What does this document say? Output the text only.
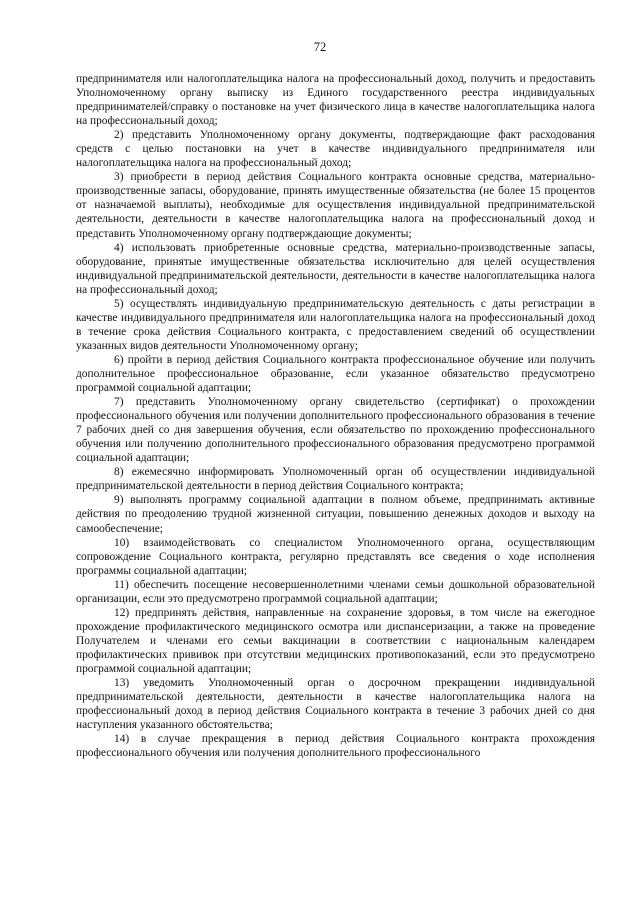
72

предпринимателя или налогоплательщика налога на профессиональный доход, получить и предоставить Уполномоченному органу выписку из Единого государственного реестра индивидуальных предпринимателей/справку о постановке на учет физического лица в качестве налогоплательщика налога на профессиональный доход;

2) представить Уполномоченному органу документы, подтверждающие факт расходования средств с целью постановки на учет в качестве индивидуального предпринимателя или налогоплательщика налога на профессиональный доход;

3) приобрести в период действия Социального контракта основные средства, материально-производственные запасы, оборудование, принять имущественные обязательства (не более 15 процентов от назначаемой выплаты), необходимые для осуществления индивидуальной предпринимательской деятельности, деятельности в качестве налогоплательщика налога на профессиональный доход и представить Уполномоченному органу подтверждающие документы;

4) использовать приобретенные основные средства, материально-производственные запасы, оборудование, принятые имущественные обязательства исключительно для целей осуществления индивидуальной предпринимательской деятельности, деятельности в качестве налогоплательщика налога на профессиональный доход;

5) осуществлять индивидуальную предпринимательскую деятельность с даты регистрации в качестве индивидуального предпринимателя или налогоплательщика налога на профессиональный доход в течение срока действия Социального контракта, с предоставлением сведений об осуществлении указанных видов деятельности Уполномоченному органу;

6) пройти в период действия Социального контракта профессиональное обучение или получить дополнительное профессиональное образование, если указанное обязательство предусмотрено программой социальной адаптации;

7) представить Уполномоченному органу свидетельство (сертификат) о прохождении профессионального обучения или получении дополнительного профессионального образования в течение 7 рабочих дней со дня завершения обучения, если обязательство по прохождению профессионального обучения или получению дополнительного профессионального образования предусмотрено программой социальной адаптации;

8) ежемесячно информировать Уполномоченный орган об осуществлении индивидуальной предпринимательской деятельности в период действия Социального контракта;

9) выполнять программу социальной адаптации в полном объеме, предпринимать активные действия по преодолению трудной жизненной ситуации, повышению денежных доходов и выходу на самообеспечение;

10) взаимодействовать со специалистом Уполномоченного органа, осуществляющим сопровождение Социального контракта, регулярно представлять все сведения о ходе исполнения программы социальной адаптации;

11) обеспечить посещение несовершеннолетними членами семьи дошкольной образовательной организации, если это предусмотрено программой социальной адаптации;

12) предпринять действия, направленные на сохранение здоровья, в том числе на ежегодное прохождение профилактического медицинского осмотра или диспансеризации, а также на проведение Получателем и членами его семьи вакцинации в соответствии с национальным календарем профилактических прививок при отсутствии медицинских противопоказаний, если это предусмотрено программой социальной адаптации;

13) уведомить Уполномоченный орган о досрочном прекращении индивидуальной предпринимательской деятельности, деятельности в качестве налогоплательщика налога на профессиональный доход в период действия Социального контракта в течение 3 рабочих дней со дня наступления указанного обстоятельства;

14) в случае прекращения в период действия Социального контракта прохождения профессионального обучения или получения дополнительного профессионального
